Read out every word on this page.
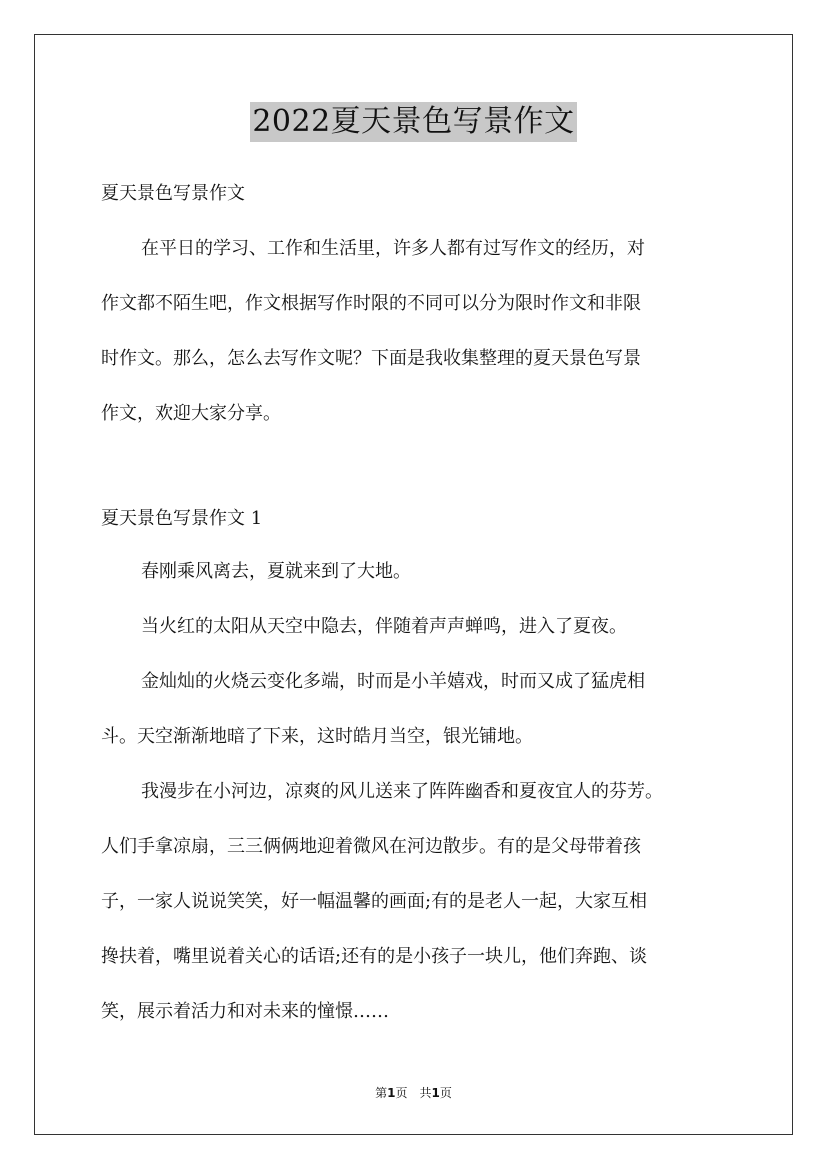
2022夏天景色写景作文
夏天景色写景作文
在平日的学习、工作和生活里，许多人都有过写作文的经历，对
作文都不陌生吧，作文根据写作时限的不同可以分为限时作文和非限
时作文。那么，怎么去写作文呢？下面是我收集整理的夏天景色写景
作文，欢迎大家分享。
夏天景色写景作文 1
春刚乘风离去，夏就来到了大地。
当火红的太阳从天空中隐去，伴随着声声蝉鸣，进入了夏夜。
金灿灿的火烧云变化多端，时而是小羊嬉戏，时而又成了猛虎相
斗。天空渐渐地暗了下来，这时皓月当空，银光铺地。
我漫步在小河边，凉爽的风儿送来了阵阵幽香和夏夜宜人的芬芳。
人们手拿凉扇，三三俩俩地迎着微风在河边散步。有的是父母带着孩
子，一家人说说笑笑，好一幅温馨的画面;有的是老人一起，大家互相
搀扶着，嘴里说着关心的话语;还有的是小孩子一块儿，他们奔跑、谈
笑，展示着活力和对未来的憧憬……
第1页　共1页
